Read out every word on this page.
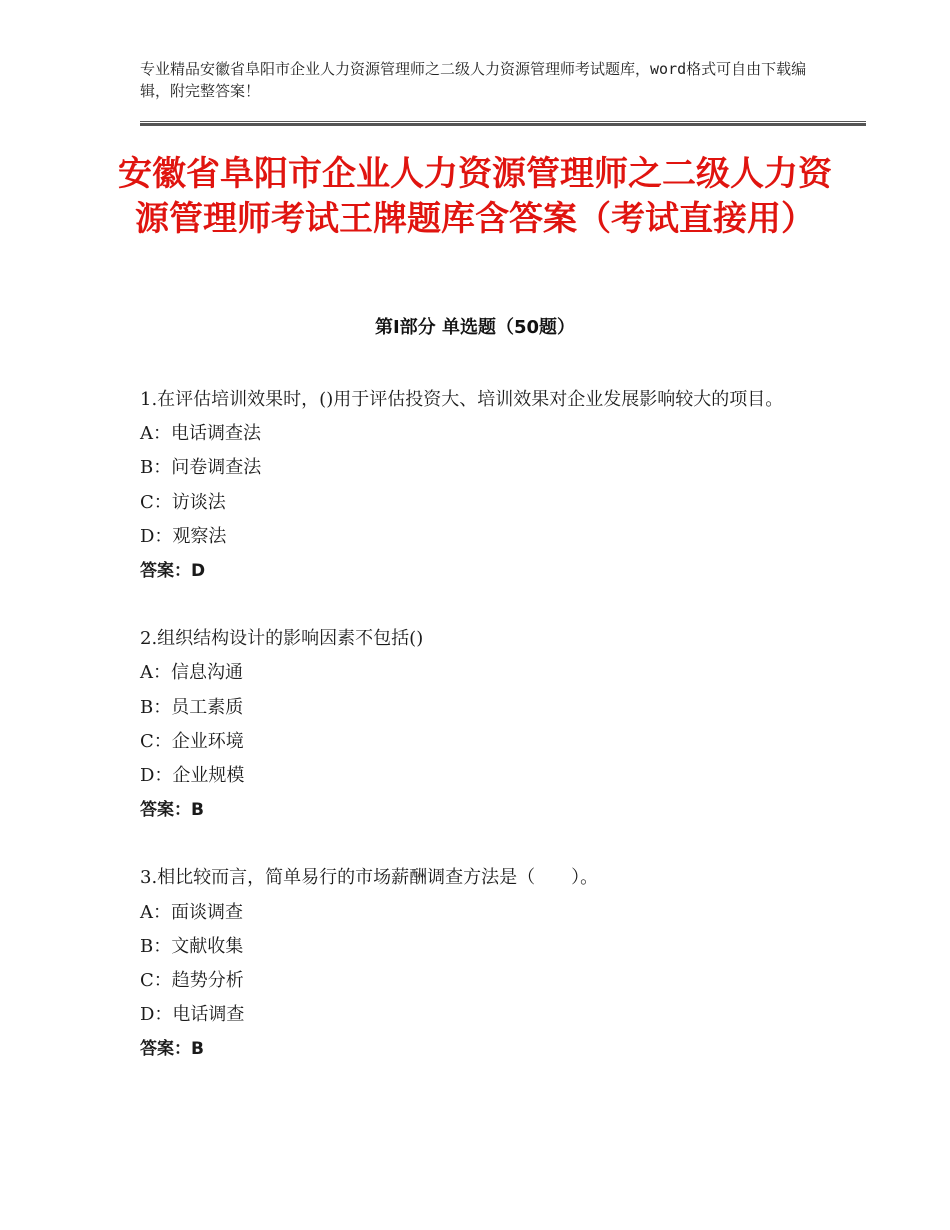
专业精品安徽省阜阳市企业人力资源管理师之二级人力资源管理师考试题库，word格式可自由下载编辑，附完整答案！
安徽省阜阳市企业人力资源管理师之二级人力资源管理师考试王牌题库含答案（考试直接用）
第Ⅰ部分 单选题（50题）
1.在评估培训效果时，()用于评估投资大、培训效果对企业发展影响较大的项目。
A：电话调查法
B：问卷调查法
C：访谈法
D：观察法
答案：D
2.组织结构设计的影响因素不包括()
A：信息沟通
B：员工素质
C：企业环境
D：企业规模
答案：B
3.相比较而言，简单易行的市场薪酬调查方法是（　　）。
A：面谈调查
B：文献收集
C：趋势分析
D：电话调查
答案：B
